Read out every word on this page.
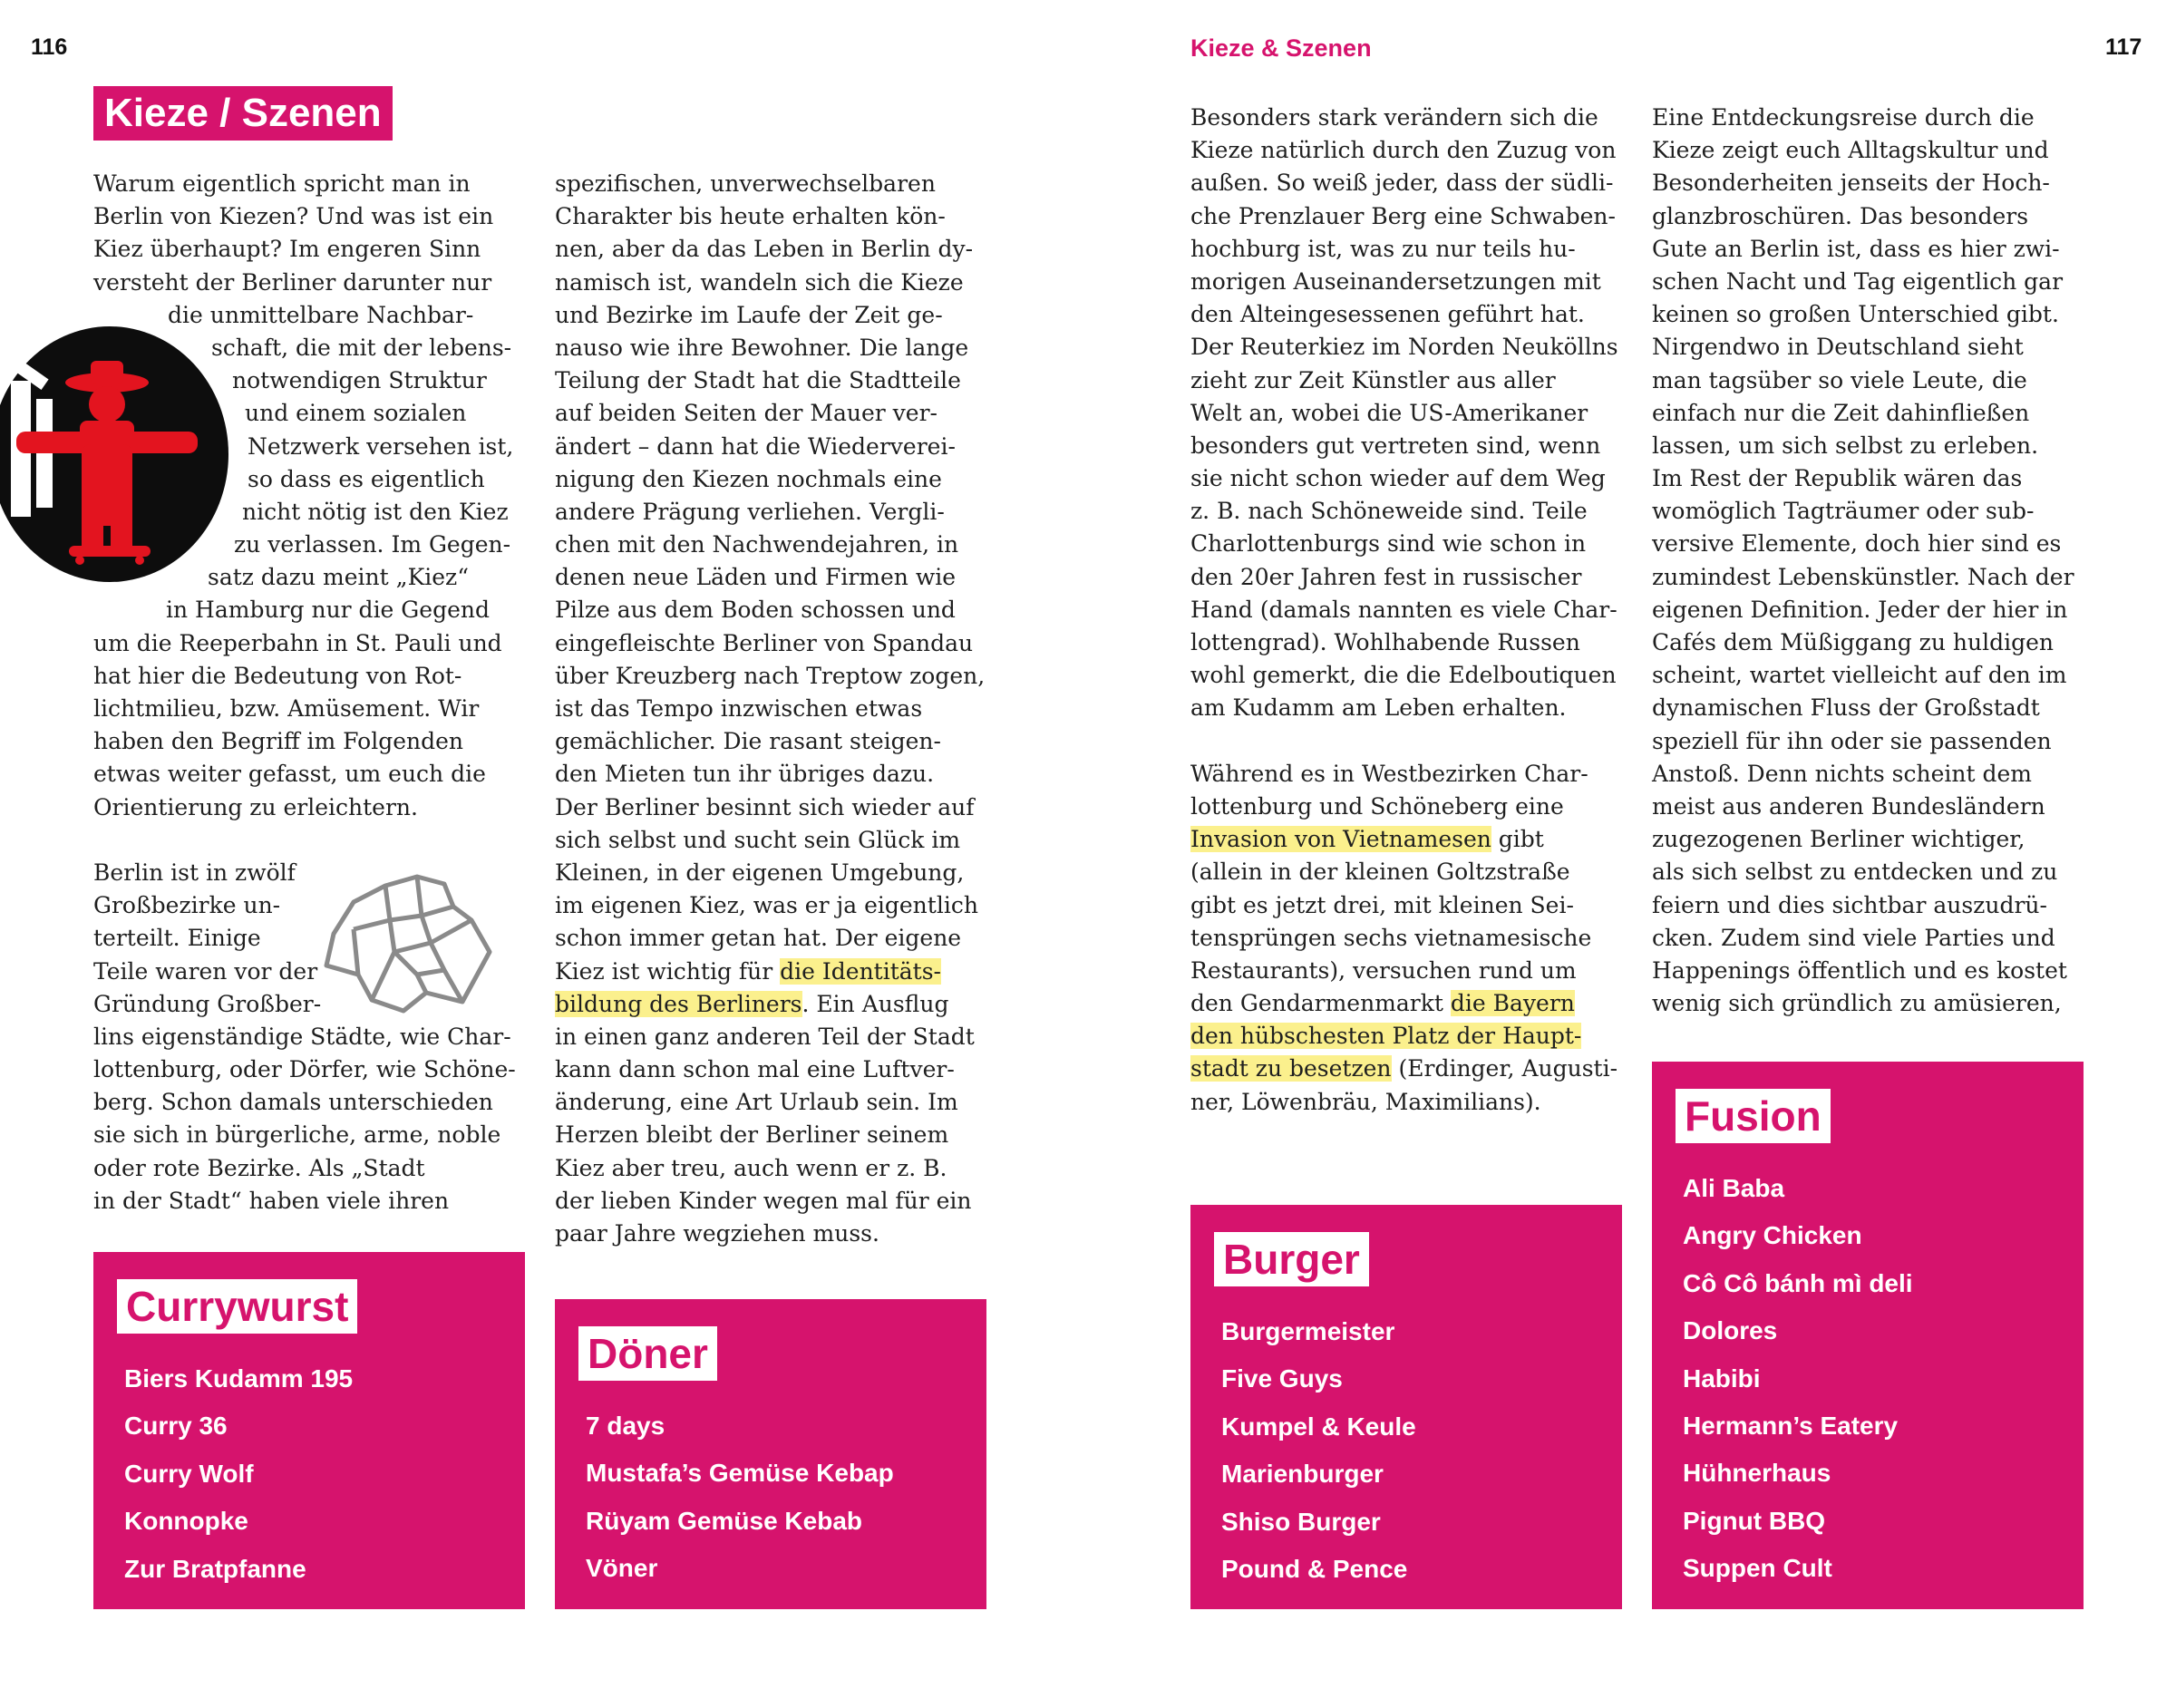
116	117
Kieze & Szenen
Kieze / Szenen
Warum eigentlich spricht man in
Berlin von Kiezen? Und was ist ein
Kiez überhaupt? Im engeren Sinn
versteht der Berliner darunter nur
die unmittelbare Nachbar-
schaft, die mit der lebens-
notwendigen Struktur
und einem sozialen
Netzwerk versehen ist,
so dass es eigentlich
nicht nötig ist den Kiez
zu verlassen. Im Gegen-
satz dazu meint „Kiez“
in Hamburg nur die Gegend
um die Reeperbahn in St. Pauli und
hat hier die Bedeutung von Rot-
lichtmilieu, bzw. Amüsement. Wir
haben den Begriff im Folgenden
etwas weiter gefasst, um euch die
Orientierung zu erleichtern.
Berlin ist in zwölf
Großbezirke un-
terteilt. Einige
Teile waren vor der
Gründung Großber-
lins eigenständige Städte, wie Char-
lottenburg, oder Dörfer, wie Schöne-
berg. Schon damals unterschieden
sie sich in bürgerliche, arme, noble
oder rote Bezirke. Als „Stadt
in der Stadt“ haben viele ihren
spezifischen, unverwechselbaren
Charakter bis heute erhalten kön-
nen, aber da das Leben in Berlin dy-
namisch ist, wandeln sich die Kieze
und Bezirke im Laufe der Zeit ge-
nauso wie ihre Bewohner. Die lange
Teilung der Stadt hat die Stadtteile
auf beiden Seiten der Mauer ver-
ändert – dann hat die Wiederverei-
nigung den Kiezen nochmals eine
andere Prägung verliehen. Vergli-
chen mit den Nachwendejahren, in
denen neue Läden und Firmen wie
Pilze aus dem Boden schossen und
eingefleischte Berliner von Spandau
über Kreuzberg nach Treptow zogen,
ist das Tempo inzwischen etwas
gemächlicher. Die rasant steigen-
den Mieten tun ihr übriges dazu.
Der Berliner besinnt sich wieder auf
sich selbst und sucht sein Glück im
Kleinen, in der eigenen Umgebung,
im eigenen Kiez, was er ja eigentlich
schon immer getan hat. Der eigene
Kiez ist wichtig für die Identitäts-
bildung des Berliners. Ein Ausflug
in einen ganz anderen Teil der Stadt
kann dann schon mal eine Luftver-
änderung, eine Art Urlaub sein. Im
Herzen bleibt der Berliner seinem
Kiez aber treu, auch wenn er z. B.
der lieben Kinder wegen mal für ein
paar Jahre wegziehen muss.
Besonders stark verändern sich die
Kieze natürlich durch den Zuzug von
außen. So weiß jeder, dass der südli-
che Prenzlauer Berg eine Schwaben-
hochburg ist, was zu nur teils hu-
morigen Auseinandersetzungen mit
den Alteingesessenen geführt hat.
Der Reuterkiez im Norden Neuköllns
zieht zur Zeit Künstler aus aller
Welt an, wobei die US-Amerikaner
besonders gut vertreten sind, wenn
sie nicht schon wieder auf dem Weg
z. B. nach Schöneweide sind. Teile
Charlottenburgs sind wie schon in
den 20er Jahren fest in russischer
Hand (damals nannten es viele Char-
lottengrad). Wohlhabende Russen
wohl gemerkt, die die Edelboutiquen
am Kudamm am Leben erhalten.
Während es in Westbezirken Char-
lottenburg und Schöneberg eine
Invasion von Vietnamesen gibt
(allein in der kleinen Goltzstraße
gibt es jetzt drei, mit kleinen Sei-
tensprüngen sechs vietnamesische
Restaurants), versuchen rund um
den Gendarmenmarkt die Bayern
den hübschesten Platz der Haupt-
stadt zu besetzen (Erdinger, Augusti-
ner, Löwenbräu, Maximilians).
Eine Entdeckungsreise durch die
Kieze zeigt euch Alltagskultur und
Besonderheiten jenseits der Hoch-
glanzbroschüren. Das besonders
Gute an Berlin ist, dass es hier zwi-
schen Nacht und Tag eigentlich gar
keinen so großen Unterschied gibt.
Nirgendwo in Deutschland sieht
man tagsüber so viele Leute, die
einfach nur die Zeit dahinfließen
lassen, um sich selbst zu erleben.
Im Rest der Republik wären das
womöglich Tagträumer oder sub-
versive Elemente, doch hier sind es
zumindest Lebenskünstler. Nach der
eigenen Definition. Jeder der hier in
Cafés dem Müßiggang zu huldigen
scheint, wartet vielleicht auf den im
dynamischen Fluss der Großstadt
speziell für ihn oder sie passenden
Anstoß. Denn nichts scheint dem
meist aus anderen Bundesländern
zugezogenen Berliner wichtiger,
als sich selbst zu entdecken und zu
feiern und dies sichtbar auszudrü-
cken. Zudem sind viele Parties und
Happenings öffentlich und es kostet
wenig sich gründlich zu amüsieren,
Currywurst
Biers Kudamm 195
Curry 36
Curry Wolf
Konnopke
Zur Bratpfanne
Döner
7 days
Mustafa’s Gemüse Kebap
Rüyam Gemüse Kebab
Vöner
Burger
Burgermeister
Five Guys
Kumpel & Keule
Marienburger
Shiso Burger
Pound & Pence
Fusion
Ali Baba
Angry Chicken
Cô Cô bánh mì deli
Dolores
Habibi
Hermann’s Eatery
Hühnerhaus
Pignut BBQ
Suppen Cult
